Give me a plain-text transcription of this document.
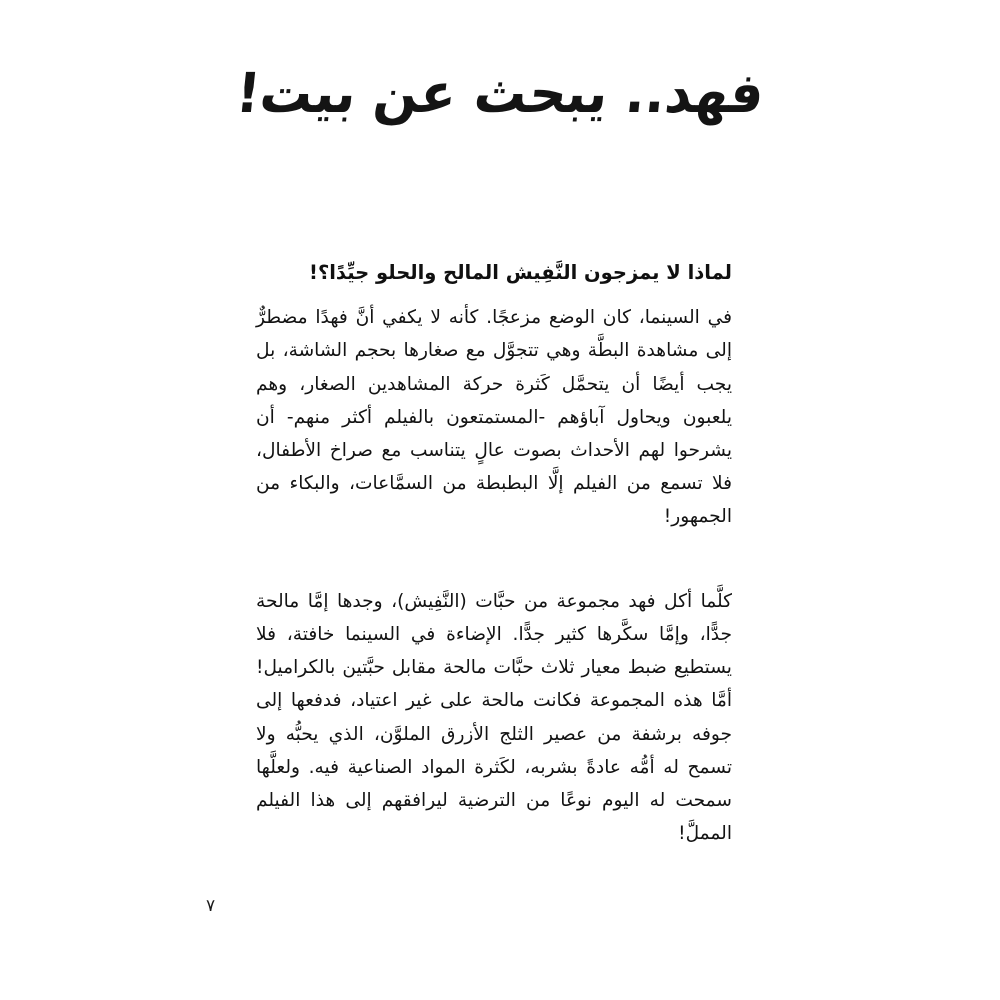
فهد.. يبحث عن بيت!
لماذا لا يمزجون النَّفِيش المالح والحلو جيِّدًا؟!

في السينما، كان الوضع مزعجًا. كأنه لا يكفي أنَّ فهدًا مضطرٌّ إلى مشاهدة البطَّة وهي تتجوَّل مع صغارها بحجم الشاشة، بل يجب أيضًا أن يتحمَّل كَثرة حركة المشاهدين الصغار، وهم يلعبون ويحاول آباؤهم -المستمتعون بالفيلم أكثر منهم- أن يشرحوا لهم الأحداث بصوت عالٍ يتناسب مع صراخ الأطفال، فلا تسمع من الفيلم إلَّا البطبطة من السمَّاعات، والبكاء من الجمهور!

كلَّما أكل فهد مجموعة من حبَّات (النَّفِيش)، وجدها إمَّا مالحة جدًّا، وإمَّا سكَّرها كثير جدًّا. الإضاءة في السينما خافتة، فلا يستطيع ضبط معيار ثلاث حبَّات مالحة مقابل حبَّتين بالكراميل! أمَّا هذه المجموعة فكانت مالحة على غير اعتياد، فدفعها إلى جوفه برشفة من عصير الثلج الأزرق الملوَّن، الذي يحبُّه ولا تسمح له أمُّه عادةً بشربه، لكَثرة المواد الصناعية فيه. ولعلَّها سمحت له اليوم نوعًا من الترضية ليرافقهم إلى هذا الفيلم المملَّ!

٧
